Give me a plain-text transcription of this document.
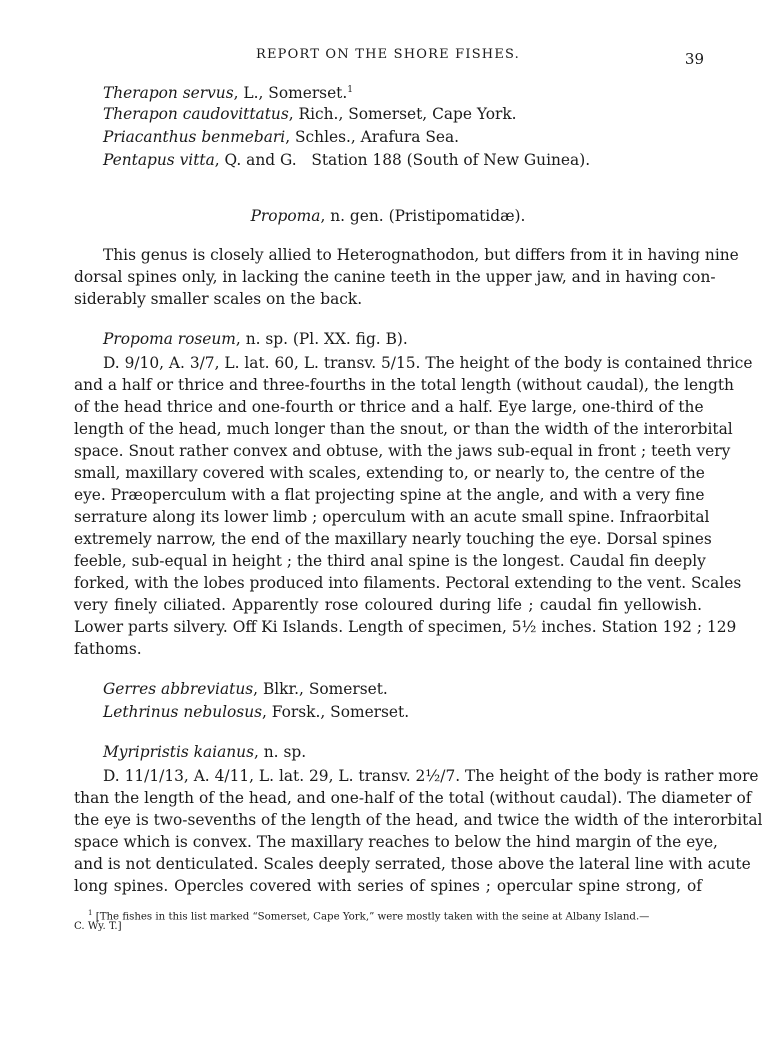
REPORT ON THE SHORE FISHES.	39
Therapon servus, L., Somerset.$^1$
Therapon caudovittatus, Rich., Somerset, Cape York.
Priacanthus benmebari, Schles., Arafura Sea.
Pentapus vitta, Q. and G.   Station 188 (South of New Guinea).
Propoma, n. gen. (Pristipomatidæ).
This genus is closely allied to Heterognathodon, but differs from it in having nine
dorsal spines only, in lacking the canine teeth in the upper jaw, and in having con-
siderably smaller scales on the back.
Propoma roseum, n. sp. (Pl. XX. fig. B).
D. 9/10, A. 3/7, L. lat. 60, L. transv. 5/15. The height of the body is contained thrice
and a half or thrice and three-fourths in the total length (without caudal), the length
of the head thrice and one-fourth or thrice and a half. Eye large, one-third of the
length of the head, much longer than the snout, or than the width of the interorbital
space. Snout rather convex and obtuse, with the jaws sub-equal in front ; teeth very
small, maxillary covered with scales, extending to, or nearly to, the centre of the
eye. Præoperculum with a flat projecting spine at the angle, and with a very fine
serrature along its lower limb ; operculum with an acute small spine. Infraorbital
extremely narrow, the end of the maxillary nearly touching the eye. Dorsal spines
feeble, sub-equal in height ; the third anal spine is the longest. Caudal fin deeply
forked, with the lobes produced into filaments. Pectoral extending to the vent. Scales
very finely ciliated. Apparently rose coloured during life ; caudal fin yellowish.
Lower parts silvery. Off Ki Islands. Length of specimen, 5½ inches. Station 192 ; 129
fathoms.
Gerres abbreviatus, Blkr., Somerset.
Lethrinus nebulosus, Forsk., Somerset.
Myripristis kaianus, n. sp.
D. 11/1/13, A. 4/11, L. lat. 29, L. transv. 2½/7. The height of the body is rather more
than the length of the head, and one-half of the total (without caudal). The diameter of
the eye is two-sevenths of the length of the head, and twice the width of the interorbital
space which is convex. The maxillary reaches to below the hind margin of the eye,
and is not denticulated. Scales deeply serrated, those above the lateral line with acute
long spines. Opercles covered with series of spines ; opercular spine strong, of
$^1$ [The fishes in this list marked “Somerset, Cape York,” were mostly taken with the seine at Albany Island.—
C. Wy. T.]
